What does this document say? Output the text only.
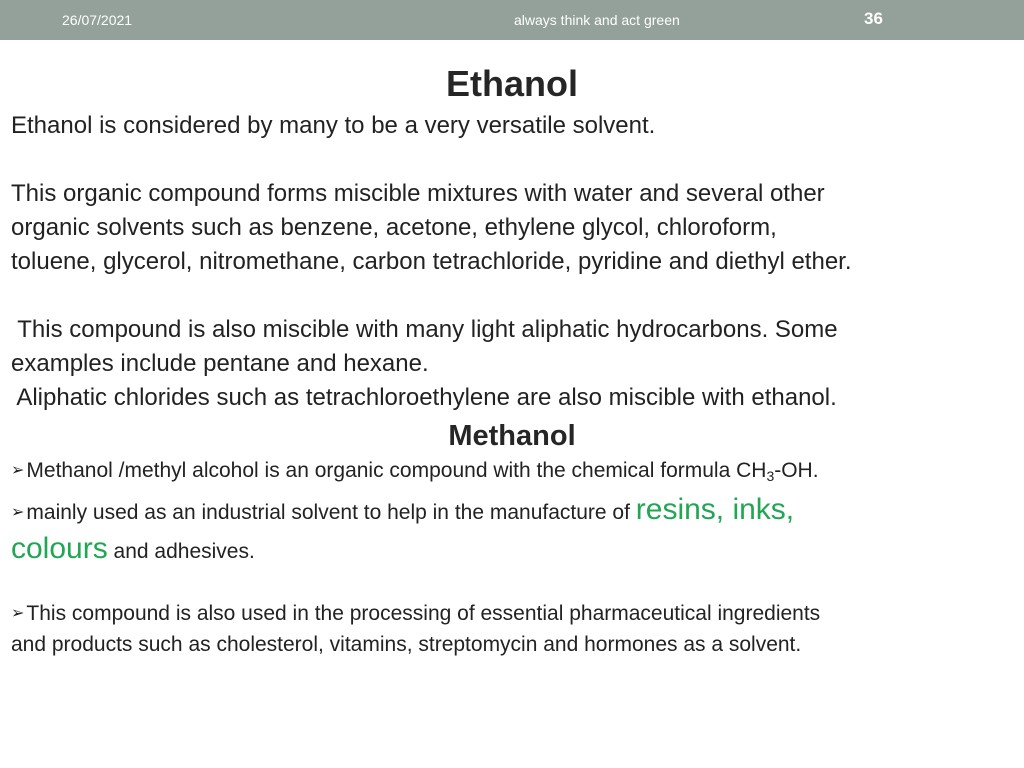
26/07/2021	always think and act green	36
Ethanol
Ethanol is considered by many to be a very versatile solvent.
This organic compound forms miscible mixtures with water and several other
organic solvents such as benzene, acetone, ethylene glycol, chloroform,
toluene, glycerol, nitromethane, carbon tetrachloride, pyridine and diethyl ether.
This compound is also miscible with many light aliphatic hydrocarbons. Some
examples include pentane and hexane.
Aliphatic chlorides such as tetrachloroethylene are also miscible with ethanol.
Methanol
➢Methanol /methyl alcohol is an organic compound with the chemical formula $CH_3-OH$.
➢mainly used as an industrial solvent to help in the manufacture of resins, inks,
colours and adhesives.
➢This compound is also used in the processing of essential pharmaceutical ingredients
and products such as cholesterol, vitamins, streptomycin and hormones as a solvent.
